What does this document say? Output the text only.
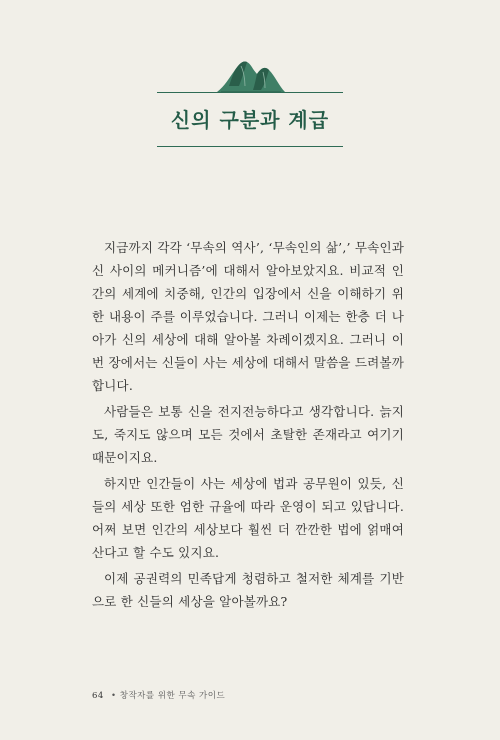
신의 구분과 계급

지금까지 각각 ‘무속의 역사’, ‘무속인의 삶’,’ 무속인과 신 사이의 메커니즘’에 대해서 알아보았지요. 비교적 인간의 세계에 치중해, 인간의 입장에서 신을 이해하기 위한 내용이 주를 이루었습니다. 그러니 이제는 한층 더 나아가 신의 세상에 대해 알아볼 차례이겠지요. 그러니 이번 장에서는 신들이 사는 세상에 대해서 말씀을 드려볼까 합니다.

사람들은 보통 신을 전지전능하다고 생각합니다. 늙지도, 죽지도 않으며 모든 것에서 초탈한 존재라고 여기기 때문이지요.

하지만 인간들이 사는 세상에 법과 공무원이 있듯, 신들의 세상 또한 엄한 규율에 따라 운영이 되고 있답니다. 어쩌 보면 인간의 세상보다 훨씬 더 깐깐한 법에 얽매여 산다고 할 수도 있지요.

이제 공권력의 민족답게 청렴하고 철저한 체계를 기반으로 한 신들의 세상을 알아볼까요?

64 • 창작자를 위한 무속 가이드
